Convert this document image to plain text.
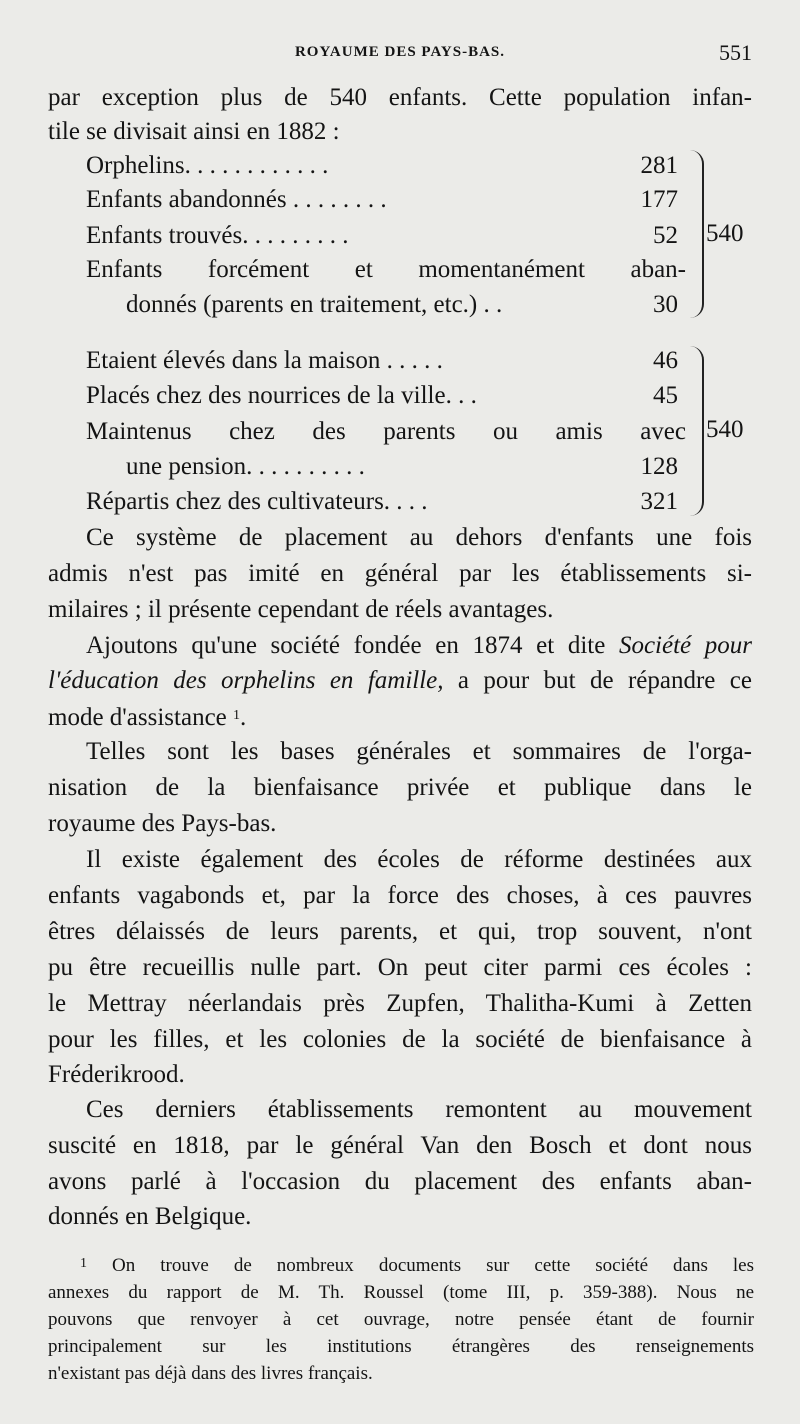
ROYAUME DES PAYS-BAS.	551
par exception plus de 540 enfants. Cette population infan-
tile se divisait ainsi en 1882 :
Orphelins. . . . . . . . . . . .	281
Enfants abandonnés . . . . . . . .	177
Enfants trouvés. . . . . . . . .	52
Enfants forcément et momentanément aban-
donnés (parents en traitement, etc.) . .	30
540
Etaient élevés dans la maison . . . . .	46
Placés chez des nourrices de la ville. . .	45
Maintenus chez des parents ou amis avec
une pension. . . . . . . . . .	128
Répartis chez des cultivateurs. . . .	321
540
Ce système de placement au dehors d'enfants une fois
admis n'est pas imité en général par les établissements si-
milaires ; il présente cependant de réels avantages.
Ajoutons qu'une société fondée en 1874 et dite Société pour
l'éducation des orphelins en famille, a pour but de répandre ce
mode d'assistance $^1$.
Telles sont les bases générales et sommaires de l'orga-
nisation de la bienfaisance privée et publique dans le
royaume des Pays-bas.
Il existe également des écoles de réforme destinées aux
enfants vagabonds et, par la force des choses, à ces pauvres
êtres délaissés de leurs parents, et qui, trop souvent, n'ont
pu être recueillis nulle part. On peut citer parmi ces écoles :
le Mettray néerlandais près Zupfen, Thalitha-Kumi à Zetten
pour les filles, et les colonies de la société de bienfaisance à
Fréderikrood.
Ces derniers établissements remontent au mouvement
suscité en 1818, par le général Van den Bosch et dont nous
avons parlé à l'occasion du placement des enfants aban-
donnés en Belgique.
$^1$ On trouve de nombreux documents sur cette société dans les
annexes du rapport de M. Th. Roussel (tome III, p. 359-388). Nous ne
pouvons que renvoyer à cet ouvrage, notre pensée étant de fournir
principalement sur les institutions étrangères des renseignements
n'existant pas déjà dans des livres français.
